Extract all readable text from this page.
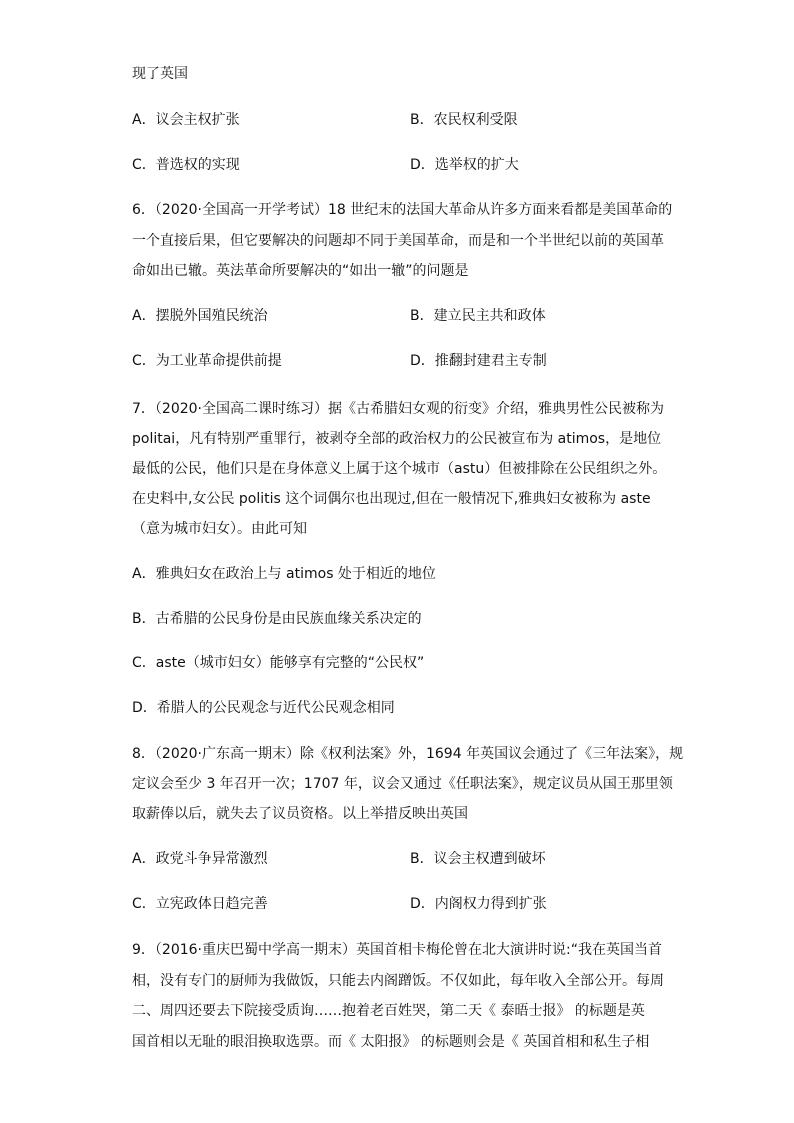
现了英国
A．议会主权扩张	B．农民权利受限
C．普选权的实现	D．选举权的扩大
6．（2020·全国高一开学考试）18 世纪末的法国大革命从许多方面来看都是美国革命的
一个直接后果，但它要解决的问题却不同于美国革命，而是和一个半世纪以前的英国革
命如出已辙。英法革命所要解决的“如出一辙”的问题是
A．摆脱外国殖民统治	B．建立民主共和政体
C．为工业革命提供前提	D．推翻封建君主专制
7．（2020·全国高二课时练习）据《古希腊妇女观的衍变》介绍，雅典男性公民被称为
politai，凡有特别严重罪行，被剥夺全部的政治权力的公民被宣布为 atimos，是地位
最低的公民，他们只是在身体意义上属于这个城市（astu）但被排除在公民组织之外。
在史料中,女公民 politis 这个词偶尔也出现过,但在一般情况下,雅典妇女被称为 aste
（意为城市妇女）。由此可知
A．雅典妇女在政治上与 atimos 处于相近的地位
B．古希腊的公民身份是由民族血缘关系决定的
C．aste（城市妇女）能够享有完整的“公民权”
D．希腊人的公民观念与近代公民观念相同
8．（2020·广东高一期末）除《权利法案》外，1694 年英国议会通过了《三年法案》，规
定议会至少 3 年召开一次；1707 年，议会又通过《任职法案》，规定议员从国王那里领
取薪俸以后，就失去了议员资格。以上举措反映出英国
A．政党斗争异常激烈	B．议会主权遭到破坏
C．立宪政体日趋完善	D．内阁权力得到扩张
9．（2016·重庆巴蜀中学高一期末）英国首相卡梅伦曾在北大演讲时说:“我在英国当首
相，没有专门的厨师为我做饭，只能去内阁蹭饭。不仅如此，每年收入全部公开。每周
二、周四还要去下院接受质询……抱着老百姓哭，第二天《 泰晤士报》 的标题是英
国首相以无耻的眼泪换取选票。而《 太阳报》 的标题则会是《 英国首相和私生子相
